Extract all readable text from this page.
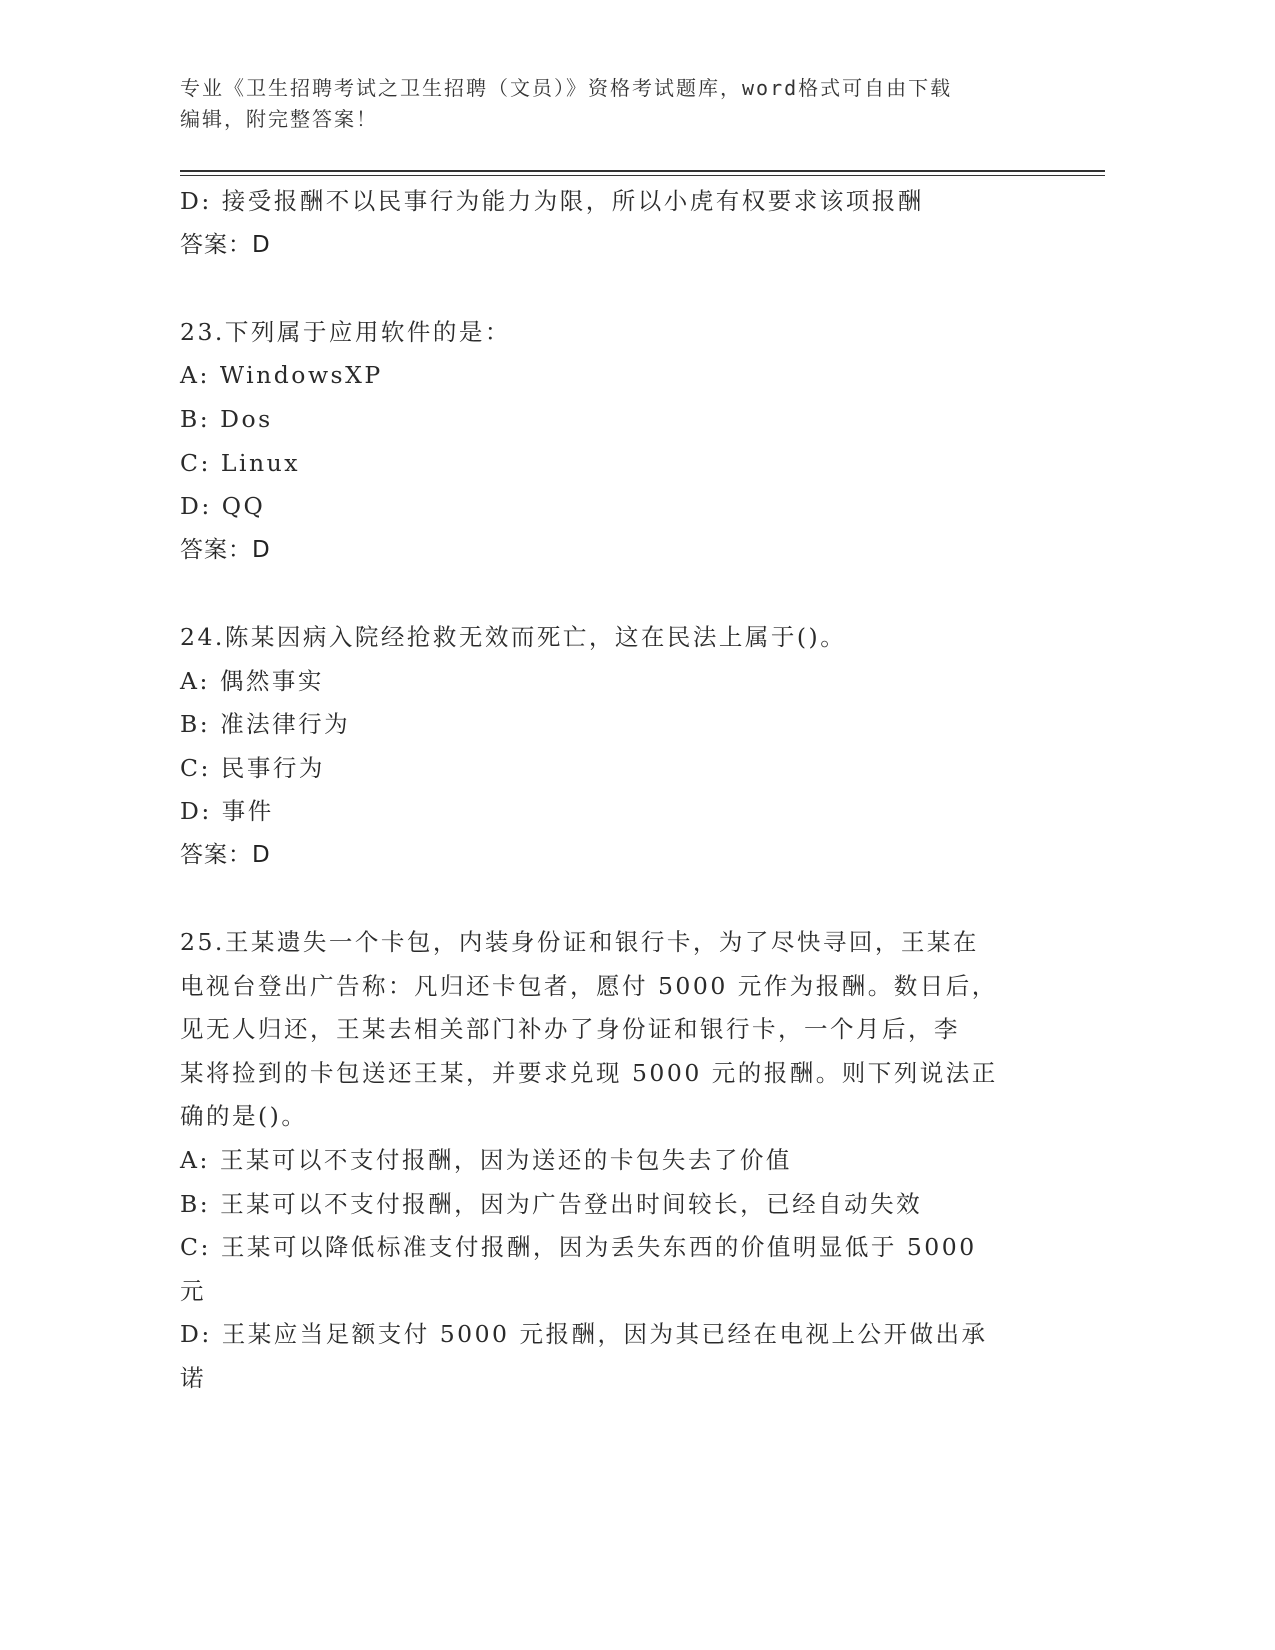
专业《卫生招聘考试之卫生招聘（文员）》资格考试题库，word格式可自由下载
编辑，附完整答案！

D: 接受报酬不以民事行为能力为限，所以小虎有权要求该项报酬

答案：D

23.下列属于应用软件的是：

A: WindowsXP

B: Dos

C: Linux

D: QQ

答案：D

24.陈某因病入院经抢救无效而死亡，这在民法上属于()。

A: 偶然事实

B: 准法律行为

C: 民事行为

D: 事件

答案：D

25.王某遗失一个卡包，内装身份证和银行卡，为了尽快寻回，王某在

电视台登出广告称：凡归还卡包者，愿付 5000 元作为报酬。数日后，

见无人归还，王某去相关部门补办了身份证和银行卡，一个月后，李

某将捡到的卡包送还王某，并要求兑现 5000 元的报酬。则下列说法正

确的是()。

A: 王某可以不支付报酬，因为送还的卡包失去了价值

B: 王某可以不支付报酬，因为广告登出时间较长，已经自动失效

C: 王某可以降低标准支付报酬，因为丢失东西的价值明显低于 5000

元

D: 王某应当足额支付 5000 元报酬，因为其已经在电视上公开做出承

诺
